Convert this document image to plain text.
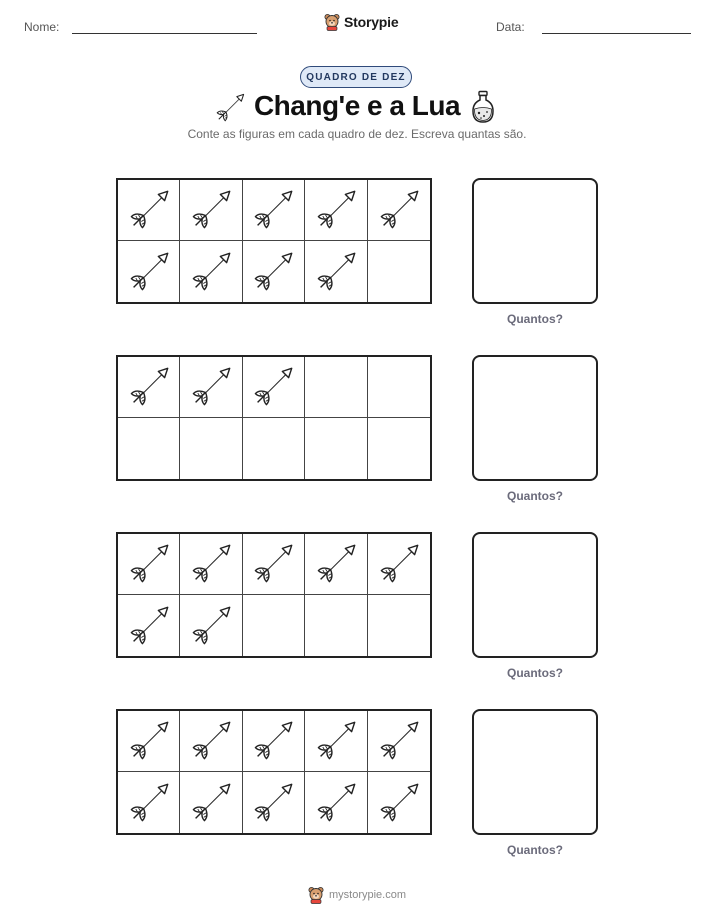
Nome:	Storypie	Data:
QUADRO DE DEZ
Chang'e e a Lua
Conte as figuras em cada quadro de dez. Escreva quantas são.
Quantos?
Quantos?
Quantos?
Quantos?
mystorypie.com
